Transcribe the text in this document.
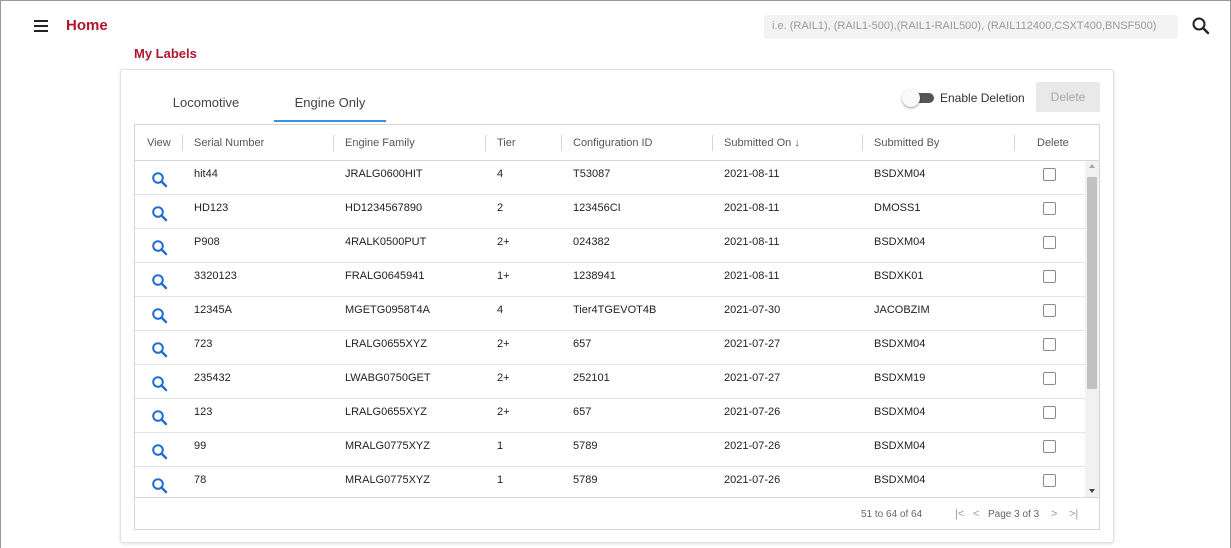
Home	i.e. (RAIL1), (RAIL1-500),(RAIL1-RAIL500), (RAIL112400,CSXT400,BNSF500)
My Labels
Locomotive	Engine Only	Enable Deletion	Delete
View	Serial Number	Engine Family	Tier	Configuration ID	Submitted On ↓	Submitted By	Delete
hit44	JRALG0600HIT	4	T53087	2021-08-11	BSDXM04
HD123	HD1234567890	2	123456CI	2021-08-11	DMOSS1
P908	4RALK0500PUT	2+	024382	2021-08-11	BSDXM04
3320123	FRALG0645941	1+	1238941	2021-08-11	BSDXK01
12345A	MGETG0958T4A	4	Tier4TGEVOT4B	2021-07-30	JACOBZIM
723	LRALG0655XYZ	2+	657	2021-07-27	BSDXM04
235432	LWABG0750GET	2+	252101	2021-07-27	BSDXM19
123	LRALG0655XYZ	2+	657	2021-07-26	BSDXM04
99	MRALG0775XYZ	1	5789	2021-07-26	BSDXM04
78	MRALG0775XYZ	1	5789	2021-07-26	BSDXM04
51 to 64 of 64	|< < Page 3 of 3 > >|
